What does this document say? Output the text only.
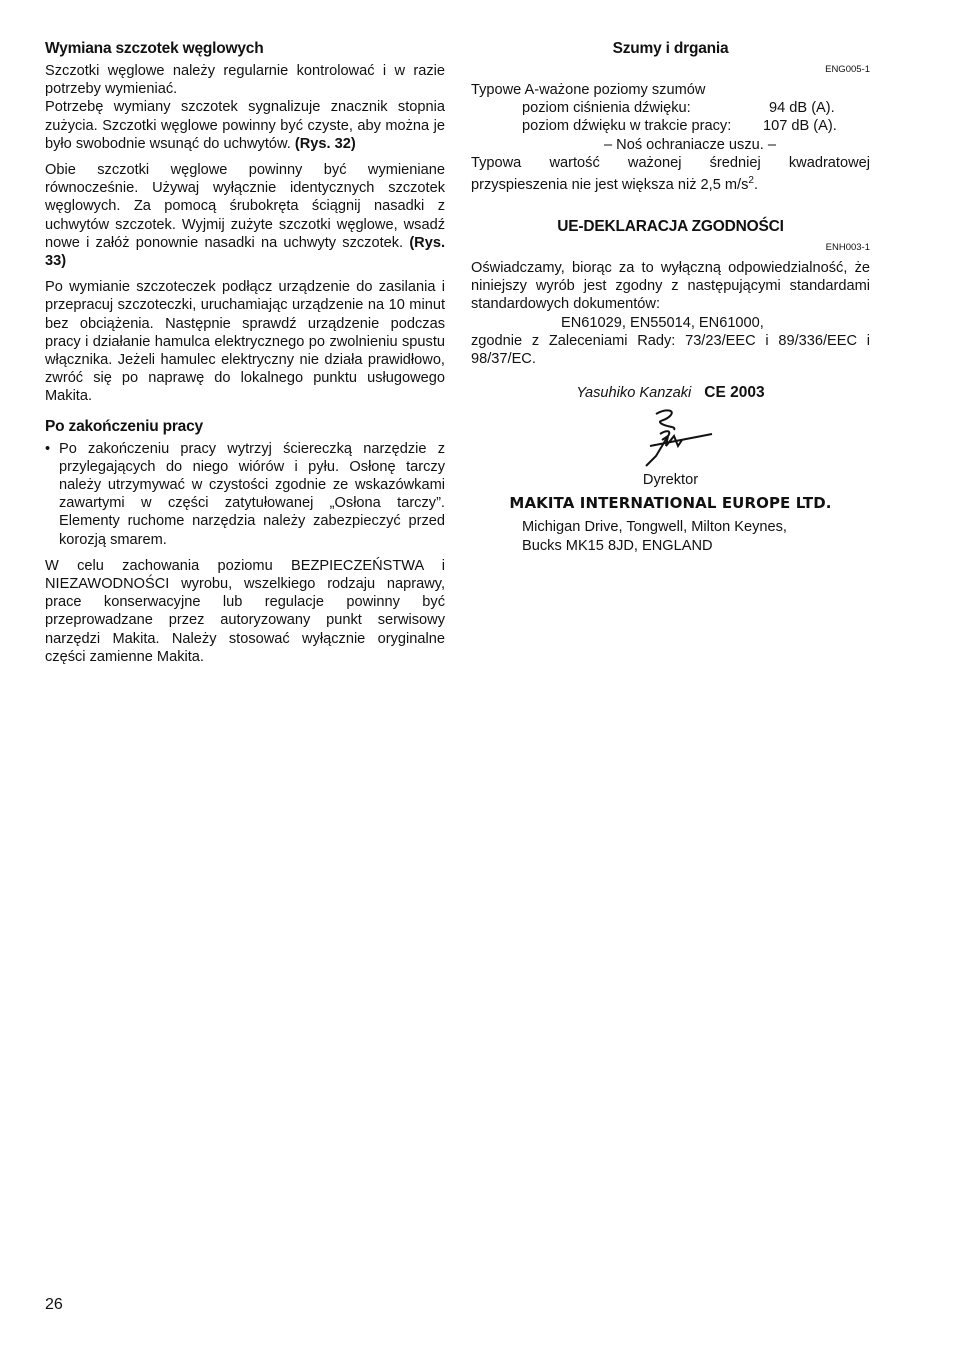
Wymiana szczotek węglowych

Szczotki węglowe należy regularnie kontrolować i w razie potrzeby wymieniać.

Potrzebę wymiany szczotek sygnalizuje znacznik stopnia zużycia. Szczotki węglowe powinny być czyste, aby można je było swobodnie wsunąć do uchwytów. (Rys. 32)

Obie szczotki węglowe powinny być wymieniane równocześnie. Używaj wyłącznie identycznych szczotek węglowych. Za pomocą śrubokręta ściągnij nasadki z uchwytów szczotek. Wyjmij zużyte szczotki węglowe, wsadź nowe i załóż ponownie nasadki na uchwyty szczotek. (Rys. 33)

Po wymianie szczoteczek podłącz urządzenie do zasilania i przepracuj szczoteczki, uruchamiając urządzenie na 10 minut bez obciążenia. Następnie sprawdź urządzenie podczas pracy i działanie hamulca elektrycznego po zwolnieniu spustu włącznika. Jeżeli hamulec elektryczny nie działa prawidłowo, zwróć się po naprawę do lokalnego punktu usługowego Makita.

Po zakończeniu pracy
• Po zakończeniu pracy wytrzyj ściereczką narzędzie z przylegających do niego wiórów i pyłu. Osłonę tarczy należy utrzymywać w czystości zgodnie ze wskazówkami zawartymi w części zatytułowanej „Osłona tarczy”. Elementy ruchome narzędzia należy zabezpieczyć przed korozją smarem.

W celu zachowania poziomu BEZPIECZEŃSTWA i NIEZAWODNOŚCI wyrobu, wszelkiego rodzaju naprawy, prace konserwacyjne lub regulacje powinny być przeprowadzane przez autoryzowany punkt serwisowy narzędzi Makita. Należy stosować wyłącznie oryginalne części zamienne Makita.

Szumy i drgania
ENG005-1
Typowe A-ważone poziomy szumów
poziom ciśnienia dźwięku:	94 dB (A).
poziom dźwięku w trakcie pracy:	107 dB (A).
– Noś ochraniacze uszu. –

Typowa wartość ważonej średniej kwadratowej przyspieszenia nie jest większa niż 2,5 $m/s^2$.

UE-DEKLARACJA ZGODNOŚCI
ENH003-1

Oświadczamy, biorąc za to wyłączną odpowiedzialność, że niniejszy wyrób jest zgodny z następującymi standardami standardowych dokumentów:

EN61029, EN55014, EN61000,

zgodnie z Zaleceniami Rady: 73/23/EEC i 89/336/EEC i 98/37/EC.

Yasuhiko Kanzaki CE 2003
Dyrektor
MAKITA INTERNATIONAL EUROPE LTD.
Michigan Drive, Tongwell, Milton Keynes,
Bucks MK15 8JD, ENGLAND
26
